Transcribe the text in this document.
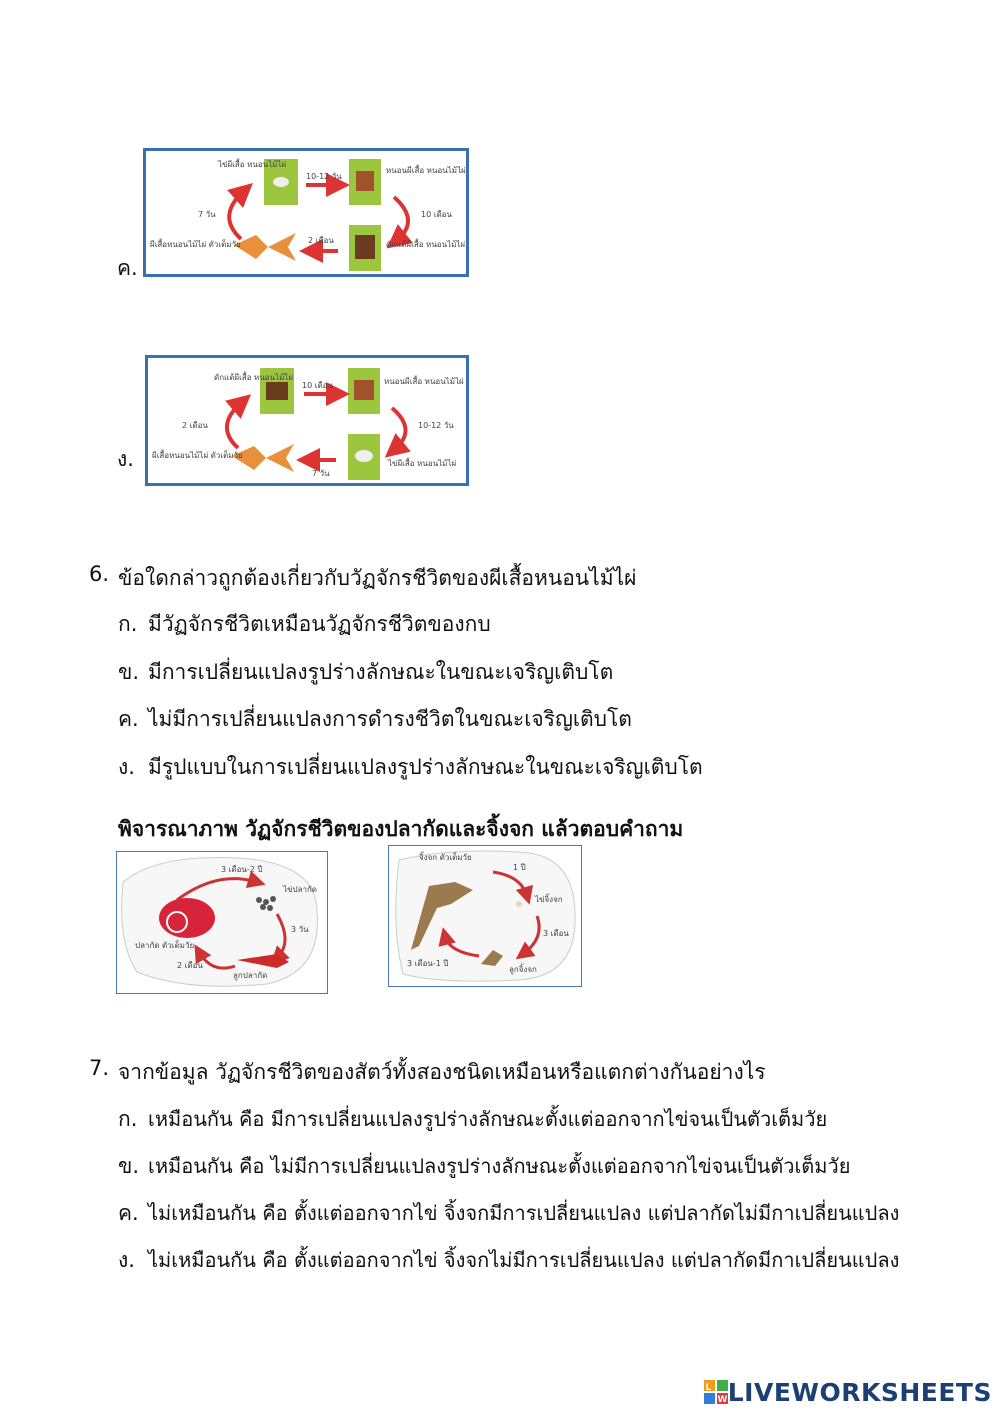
ค.
ไข่ผีเสื้อ หนอนไม้ไผ่
หนอนผีเสื้อ หนอนไม้ไผ่
ดักแด้ผีเสื้อ หนอนไม้ไผ่
ผีเสื้อหนอนไม้ไผ่ ตัวเต็มวัย
10-12 วัน
10 เดือน
2 เดือน
7 วัน
ง.
ดักแด้ผีเสื้อ หนอนไม้ไผ่	หนอนผีเสื้อ หนอนไม้ไผ่
ไข่ผีเสื้อ หนอนไม้ไผ่
ผีเสื้อหนอนไม้ไผ่ ตัวเต็มวัย
10 เดือน
10-12 วัน
7 วัน
2 เดือน
6. ข้อใดกล่าวถูกต้องเกี่ยวกับวัฏจักรชีวิตของผีเสื้อหนอนไม้ไผ่
ก. มีวัฏจักรชีวิตเหมือนวัฏจักรชีวิตของกบ
ข. มีการเปลี่ยนแปลงรูปร่างลักษณะในขณะเจริญเติบโต
ค. ไม่มีการเปลี่ยนแปลงการดำรงชีวิตในขณะเจริญเติบโต
ง. มีรูปแบบในการเปลี่ยนแปลงรูปร่างลักษณะในขณะเจริญเติบโต
พิจารณาภาพ วัฏจักรชีวิตของปลากัดและจิ้งจก แล้วตอบคำถาม
3 เดือน-2 ปี
ไข่ปลากัด
3 วัน
ลูกปลากัด
2 เดือน
ปลากัด ตัวเต็มวัย
จิ้งจก ตัวเต็มวัย
1 ปี
ไข่จิ้งจก
3 เดือน
ลูกจิ้งจก
3 เดือน-1 ปี
7. จากข้อมูล วัฏจักรชีวิตของสัตว์ทั้งสองชนิดเหมือนหรือแตกต่างกันอย่างไร
ก. เหมือนกัน คือ มีการเปลี่ยนแปลงรูปร่างลักษณะตั้งแต่ออกจากไข่จนเป็นตัวเต็มวัย
ข. เหมือนกัน คือ ไม่มีการเปลี่ยนแปลงรูปร่างลักษณะตั้งแต่ออกจากไข่จนเป็นตัวเต็มวัย
ค. ไม่เหมือนกัน คือ ตั้งแต่ออกจากไข่ จิ้งจกมีการเปลี่ยนแปลง แต่ปลากัดไม่มีกาเปลี่ยนแปลง
ง. ไม่เหมือนกัน คือ ตั้งแต่ออกจากไข่ จิ้งจกไม่มีการเปลี่ยนแปลง แต่ปลากัดมีกาเปลี่ยนแปลง
L
W LIVEWORKSHEETS
